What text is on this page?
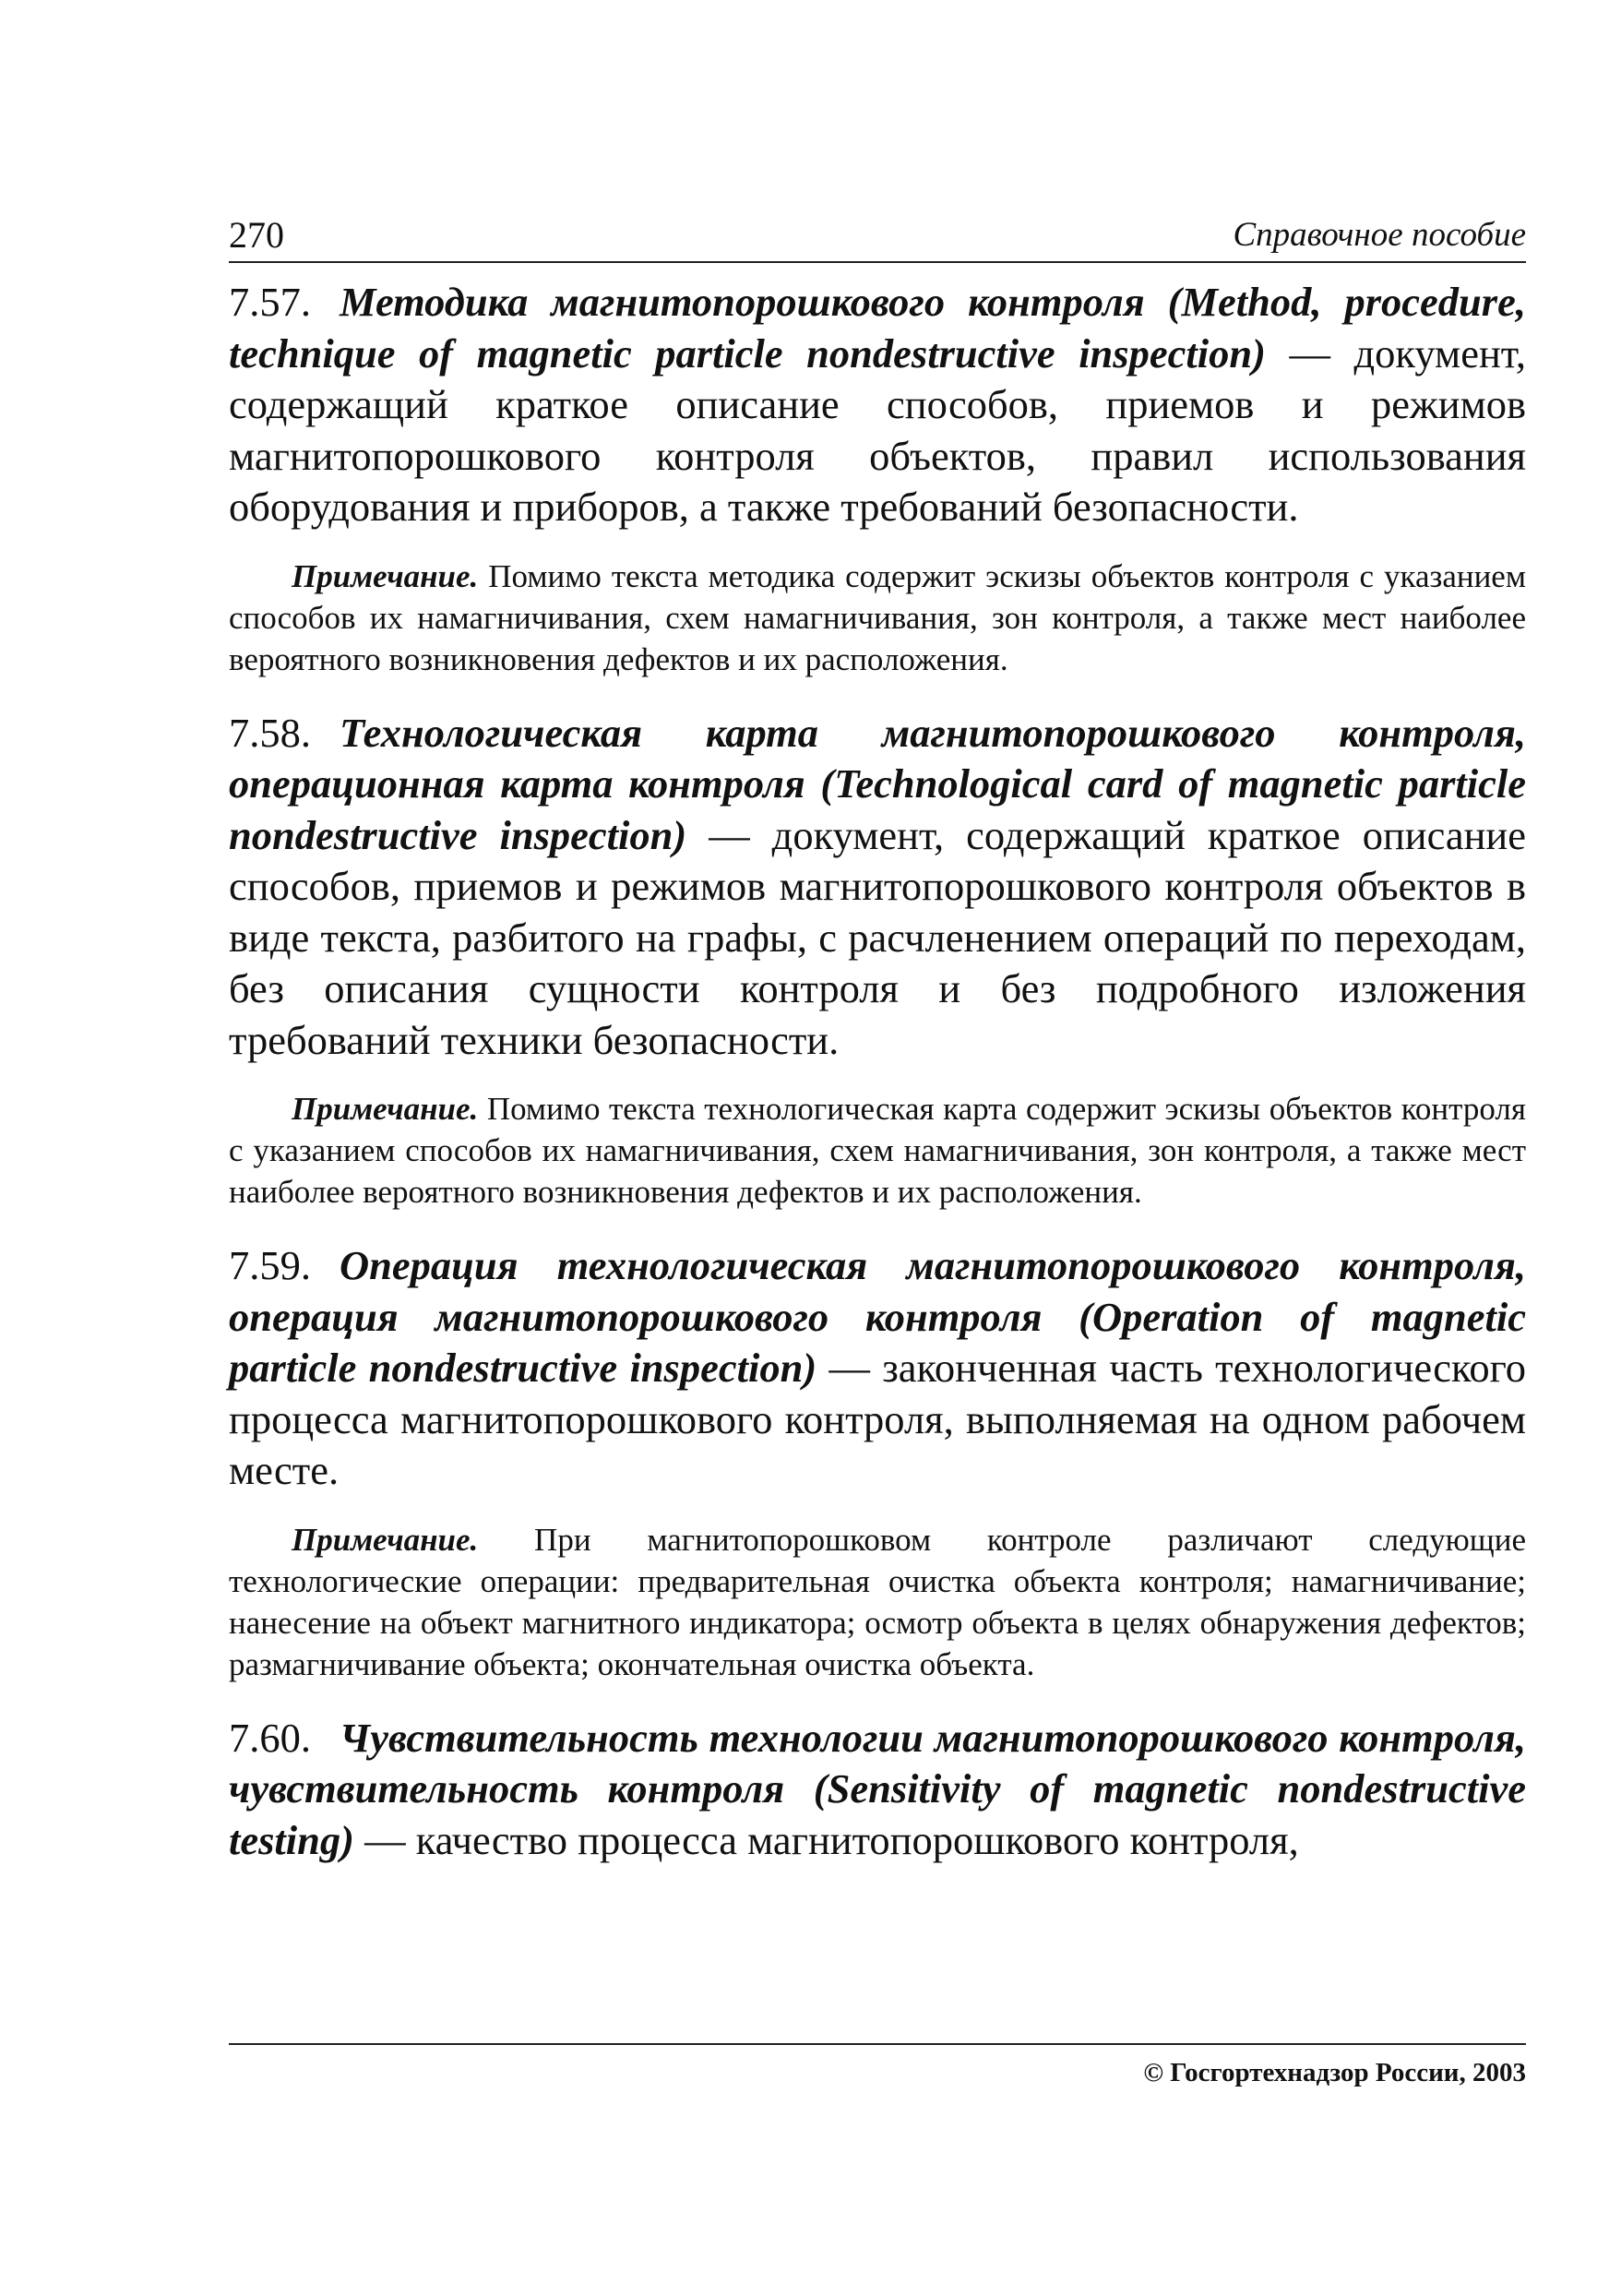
270	Справочное пособие

7.57. Методика магнитопорошкового контроля (Method, procedure, technique of magnetic particle nondestructive inspection) — документ, содержащий краткое описание способов, приемов и режимов магнитопорошкового контроля объектов, правил использования оборудования и приборов, а также требований безопасности.

Примечание. Помимо текста методика содержит эскизы объектов контроля с указанием способов их намагничивания, схем намагничивания, зон контроля, а также мест наиболее вероятного возникновения дефектов и их расположения.

7.58. Технологическая карта магнитопорошкового контроля, операционная карта контроля (Technological card of magnetic particle nondestructive inspection) — документ, содержащий краткое описание способов, приемов и режимов магнитопорошкового контроля объектов в виде текста, разбитого на графы, с расчленением операций по переходам, без описания сущности контроля и без подробного изложения требований техники безопасности.

Примечание. Помимо текста технологическая карта содержит эскизы объектов контроля с указанием способов их намагничивания, схем намагничивания, зон контроля, а также мест наиболее вероятного возникновения дефектов и их расположения.

7.59. Операция технологическая магнитопорошкового контроля, операция магнитопорошкового контроля (Operation of magnetic particle nondestructive inspection) — законченная часть технологического процесса магнитопорошкового контроля, выполняемая на одном рабочем месте.

Примечание. При магнитопорошковом контроле различают следующие технологические операции: предварительная очистка объекта контроля; намагничивание; нанесение на объект магнитного индикатора; осмотр объекта в целях обнаружения дефектов; размагничивание объекта; окончательная очистка объекта.

7.60. Чувствительность технологии магнитопорошкового контроля, чувствительность контроля (Sensitivity of magnetic nondestructive testing) — качество процесса магнитопорошкового контроля,

© Госгортехнадзор России, 2003
